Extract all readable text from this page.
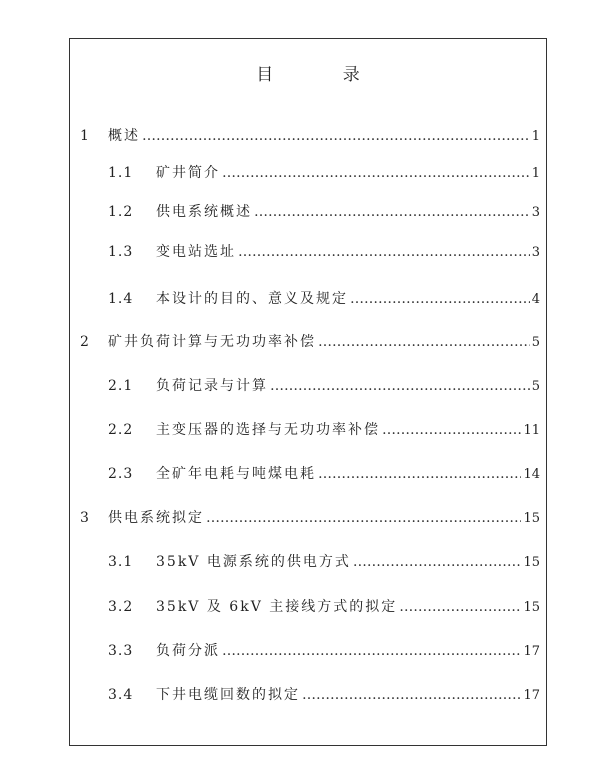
目 录
1	概述 ……………………………………………………………………………………………………………………………………………………	1
1.1	矿井简介 ……………………………………………………………………………………………………………………………………………………	1
1.2	供电系统概述 ……………………………………………………………………………………………………………………………………………………	3
1.3	变电站选址 ……………………………………………………………………………………………………………………………………………………	3
1.4	本设计的目的、意义及规定 ……………………………………………………………………………………………………………………………………………………	4
2	矿井负荷计算与无功功率补偿 ……………………………………………………………………………………………………………………………………………………	5
2.1	负荷记录与计算 ……………………………………………………………………………………………………………………………………………………	5
2.2	主变压器的选择与无功功率补偿 ……………………………………………………………………………………………………………………………………………………	11
2.3	全矿年电耗与吨煤电耗 ……………………………………………………………………………………………………………………………………………………	14
3	供电系统拟定 ……………………………………………………………………………………………………………………………………………………	15
3.1	35kV 电源系统的供电方式 ……………………………………………………………………………………………………………………………………………………	15
3.2	35kV 及 6kV 主接线方式的拟定 ……………………………………………………………………………………………………………………………………………………	15
3.3	负荷分派 ……………………………………………………………………………………………………………………………………………………	17
3.4	下井电缆回数的拟定 ……………………………………………………………………………………………………………………………………………………	17
